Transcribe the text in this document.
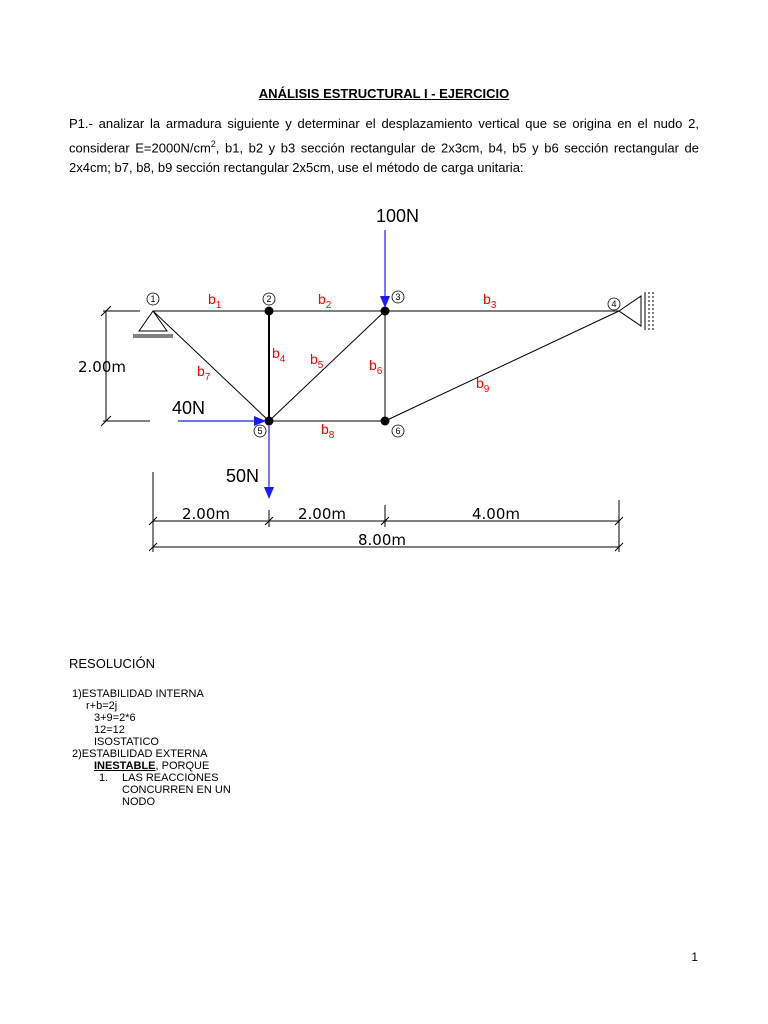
ANÁLISIS ESTRUCTURAL I - EJERCICIO

P1.- analizar la armadura siguiente y determinar el desplazamiento vertical que se origina en el nudo 2, considerar $E=2000N/cm^2$, b1, b2 y b3 sección rectangular de 2x3cm, b4, b5 y b6 sección rectangular de 2x4cm; b7, b8, b9 sección rectangular 2x5cm, use el método de carga unitaria:

100N
40N
50N
2.00m
2.00m	2.00m	4.00m
8.00m
1	2	3
4
5	6
$b_1$	$b_2$	$b_3$
$b_4$ $b_5$	$b_6$
$b_7$
$b_8$
$b_9$
RESOLUCIÓN
1)ESTABILIDAD INTERNA
r+b=2j
3+9=2*6
12=12
ISOSTATICO
2)ESTABILIDAD EXTERNA
INESTABLE, PORQUE
1.	LAS REACCIONES
CONCURREN EN UN
NODO
1
